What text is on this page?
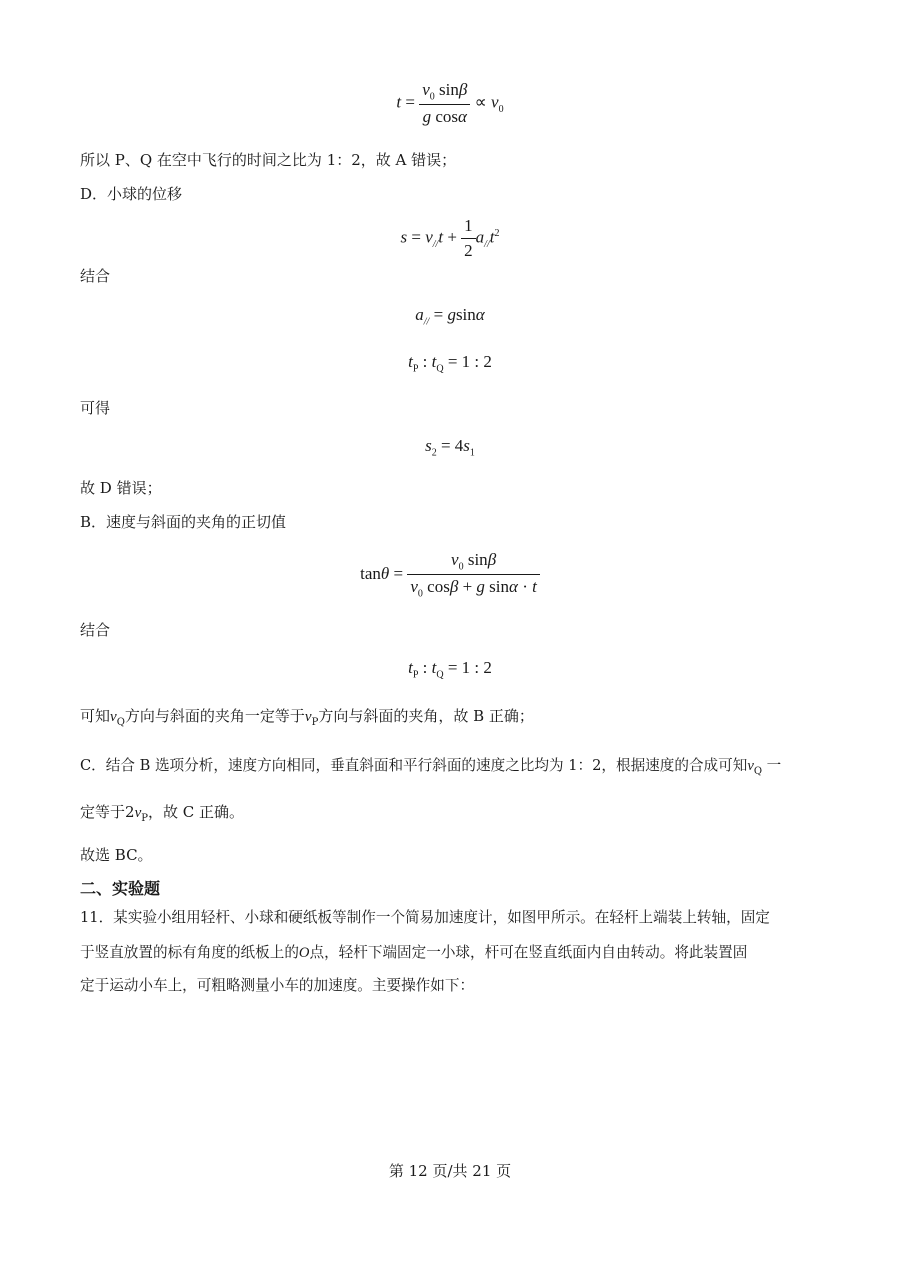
$t = \frac{v_0 \sin\beta}{\text{g cosα}} \propto v_0$
所以 P、Q 在空中飞行的时间之比为 1：2，故 A 错误；
D．小球的位移
$s = v_{//}t + \frac{1}{2} a_{//}t^2$
结合
$a_{//} = gsin\alpha$
$t_P$ : $t_Q = 1$ : 2
可得
$s_2 = 4s_1$
故 D 错误；
B．速度与斜面的夹角的正切值
$\tan\theta = \frac{v_0 \sin\beta}{v_0 \cos\beta + g \sin\alpha \cdot t}$
结合
$t_P$ : $t_Q = 1$ : 2
可知$v_Q$方向与斜面的夹角一定等于$v_P$方向与斜面的夹角，故 B 正确；
C．结合 B 选项分析，速度方向相同，垂直斜面和平行斜面的速度之比均为 1：2，根据速度的合成可知$v_Q$ 一
定等于$2v_P$，故 C 正确。
故选 BC。
二、实验题
11．某实验小组用轻杆、小球和硬纸板等制作一个简易加速度计，如图甲所示。在轻杆上端装上转轴，固定
于竖直放置的标有角度的纸板上的O点，轻杆下端固定一小球，杆可在竖直纸面内自由转动。将此装置固
定于运动小车上，可粗略测量小车的加速度。主要操作如下：
第 12 页/共 21 页
